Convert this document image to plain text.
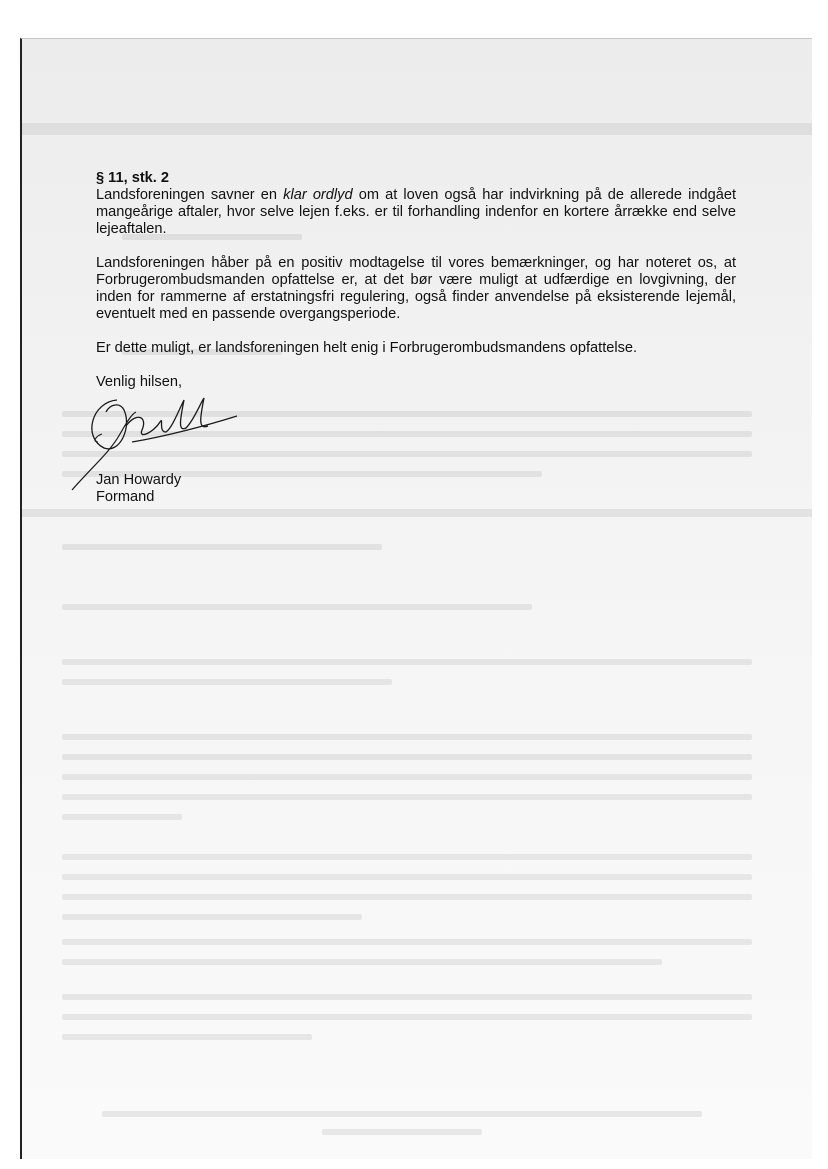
§ 11, stk. 2

Landsforeningen savner en klar ordlyd om at loven også har indvirkning på de allerede indgået mangeårige aftaler, hvor selve lejen f.eks. er til forhandling indenfor en kortere årrække end selve lejeaftalen.

Landsforeningen håber på en positiv modtagelse til vores bemærkninger, og har noteret os, at Forbrugerombudsmanden opfattelse er, at det bør være muligt at udfærdige en lovgivning, der inden for rammerne af erstatningsfri regulering, også finder anvendelse på eksisterende lejemål, eventuelt med en passende overgangsperiode.

Er dette muligt, er landsforeningen helt enig i Forbrugerombudsmandens opfattelse.

Venlig hilsen,

Jan Howardy

Formand
